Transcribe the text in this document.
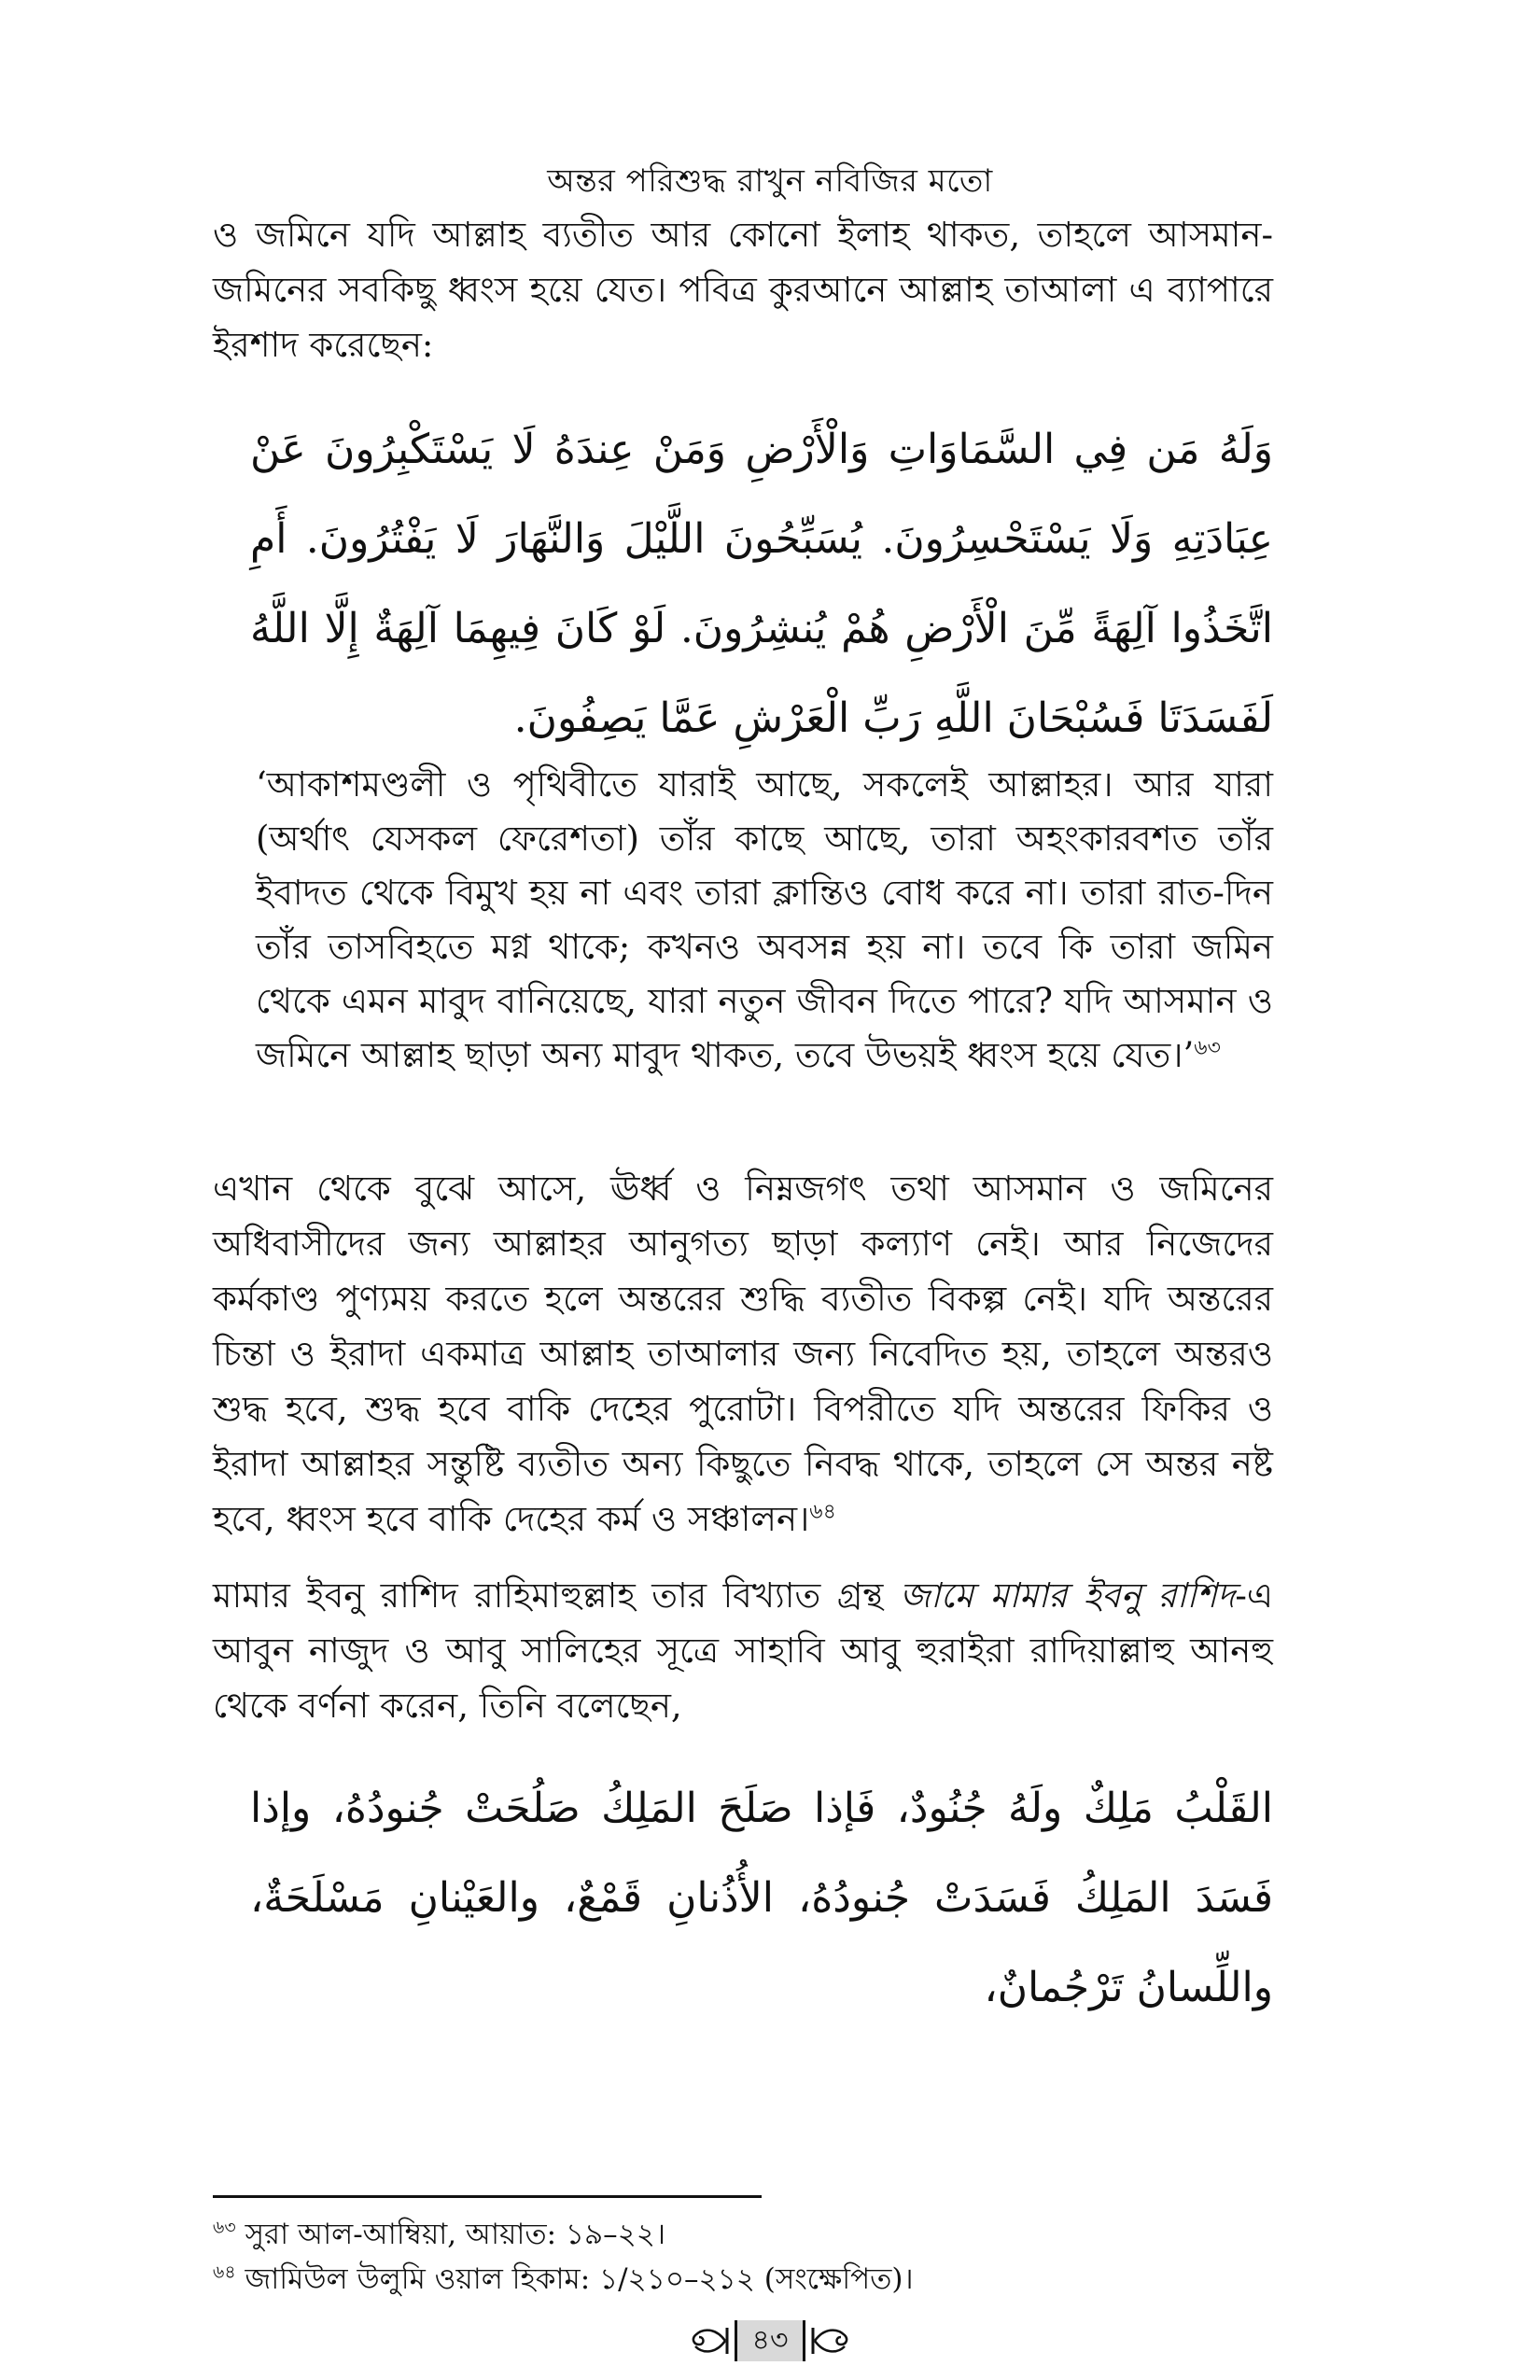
অন্তর পরিশুদ্ধ রাখুন নবিজির মতো

ও জমিনে যদি আল্লাহ ব্যতীত আর কোনো ইলাহ থাকত, তাহলে আসমান-জমিনের সবকিছু ধ্বংস হয়ে যেত। পবিত্র কুরআনে আল্লাহ তাআলা এ ব্যাপারে ইরশাদ করেছেন:

وَلَهُ مَن فِي السَّمَاوَاتِ وَالْأَرْضِ وَمَنْ عِندَهُ لَا يَسْتَكْبِرُونَ عَنْ عِبَادَتِهِ وَلَا يَسْتَحْسِرُونَ. يُسَبِّحُونَ اللَّيْلَ وَالنَّهَارَ لَا يَفْتُرُونَ. أَمِ اتَّخَذُوا آلِهَةً مِّنَ الْأَرْضِ هُمْ يُنشِرُونَ. لَوْ كَانَ فِيهِمَا آلِهَةٌ إِلَّا اللَّهُ لَفَسَدَتَا فَسُبْحَانَ اللَّهِ رَبِّ الْعَرْشِ عَمَّا يَصِفُونَ.

‘আকাশমণ্ডলী ও পৃথিবীতে যারাই আছে, সকলেই আল্লাহর। আর যারা (অর্থাৎ যেসকল ফেরেশতা) তাঁর কাছে আছে, তারা অহংকারবশত তাঁর ইবাদত থেকে বিমুখ হয় না এবং তারা ক্লান্তিও বোধ করে না। তারা রাত-দিন তাঁর তাসবিহতে মগ্ন থাকে; কখনও অবসন্ন হয় না। তবে কি তারা জমিন থেকে এমন মাবুদ বানিয়েছে, যারা নতুন জীবন দিতে পারে? যদি আসমান ও জমিনে আল্লাহ ছাড়া অন্য মাবুদ থাকত, তবে উভয়ই ধ্বংস হয়ে যেত।’$^{৬৩}$

এখান থেকে বুঝে আসে, ঊর্ধ্ব ও নিম্নজগৎ তথা আসমান ও জমিনের অধিবাসীদের জন্য আল্লাহর আনুগত্য ছাড়া কল্যাণ নেই। আর নিজেদের কর্মকাণ্ড পুণ্যময় করতে হলে অন্তরের শুদ্ধি ব্যতীত বিকল্প নেই। যদি অন্তরের চিন্তা ও ইরাদা একমাত্র আল্লাহ তাআলার জন্য নিবেদিত হয়, তাহলে অন্তরও শুদ্ধ হবে, শুদ্ধ হবে বাকি দেহের পুরোটা। বিপরীতে যদি অন্তরের ফিকির ও ইরাদা আল্লাহর সন্তুষ্টি ব্যতীত অন্য কিছুতে নিবদ্ধ থাকে, তাহলে সে অন্তর নষ্ট হবে, ধ্বংস হবে বাকি দেহের কর্ম ও সঞ্চালন।$^{৬৪}$

মামার ইবনু রাশিদ রাহিমাহুল্লাহ তার বিখ্যাত গ্রন্থ জামে মামার ইবনু রাশিদ-এ আবুন নাজুদ ও আবু সালিহের সূত্রে সাহাবি আবু হুরাইরা রাদিয়াল্লাহু আনহু থেকে বর্ণনা করেন, তিনি বলেছেন,

القَلْبُ مَلِكٌ ولَهُ جُنُودٌ، فَإذا صَلَحَ المَلِكُ صَلُحَتْ جُنودُهُ، وإذا فَسَدَ المَلِكُ فَسَدَتْ جُنودُهُ، الأُذُنانِ قَمْعٌ، والعَيْنانِ مَسْلَحَةٌ، واللِّسانُ تَرْجُمانٌ،

$^{৬৩}$ সুরা আল-আম্বিয়া, আয়াত: ১৯–২২।

$^{৬৪}$ জামিউল উলুমি ওয়াল হিকাম: ১/২১০–২১২ (সংক্ষেপিত)।

৪৩
